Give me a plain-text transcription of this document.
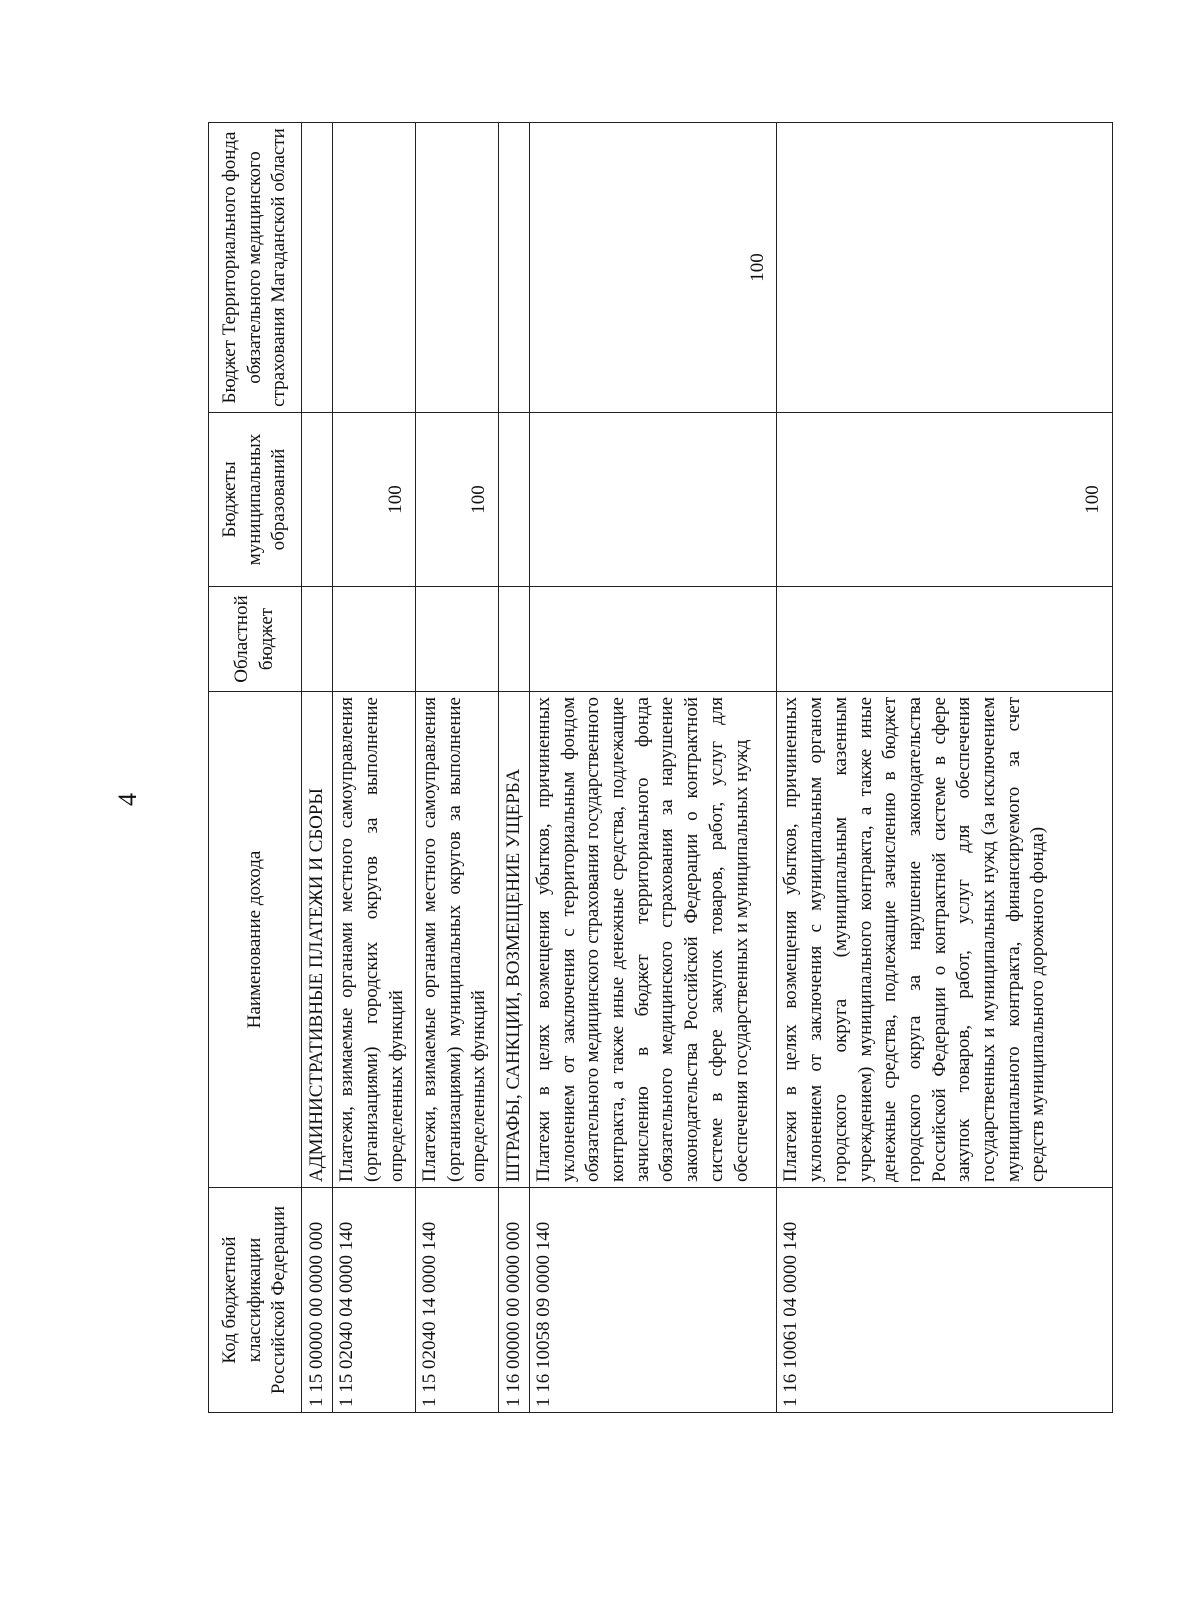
4
Код бюджетной классификации Российской Федерации	Наименование дохода	Областной бюджет	Бюджеты муниципальных образований	Бюджет Территориального фонда обязательного медицинского страхования Магаданской области
1 15 00000 00 0000 000	АДМИНИСТРАТИВНЫЕ ПЛАТЕЖИ И СБОРЫ			
1 15 02040 04 0000 140	Платежи, взимаемые органами местного самоуправления (организациями) городских округов за выполнение определенных функций		100	
1 15 02040 14 0000 140	Платежи, взимаемые органами местного самоуправления (организациями) муниципальных округов за выполнение определенных функций		100	
1 16 00000 00 0000 000	ШТРАФЫ, САНКЦИИ, ВОЗМЕЩЕНИЕ УЩЕРБА			
1 16 10058 09 0000 140	Платежи в целях возмещения убытков, причиненных уклонением от заключения с территориальным фондом обязательного медицинского страхования государственного контракта, а также иные денежные средства, подлежащие зачислению в бюджет территориального фонда обязательного медицинского страхования за нарушение законодательства Российской Федерации о контрактной системе в сфере закупок товаров, работ, услуг для обеспечения государственных и муниципальных нужд			100
1 16 10061 04 0000 140	Платежи в целях возмещения убытков, причиненных уклонением от заключения с муниципальным органом городского округа (муниципальным казенным учреждением) муниципального контракта, а также иные денежные средства, подлежащие зачислению в бюджет городского округа за нарушение законодательства Российской Федерации о контрактной системе в сфере закупок товаров, работ, услуг для обеспечения государственных и муниципальных нужд (за исключением муниципального контракта, финансируемого за счет средств муниципального дорожного фонда)		100	
